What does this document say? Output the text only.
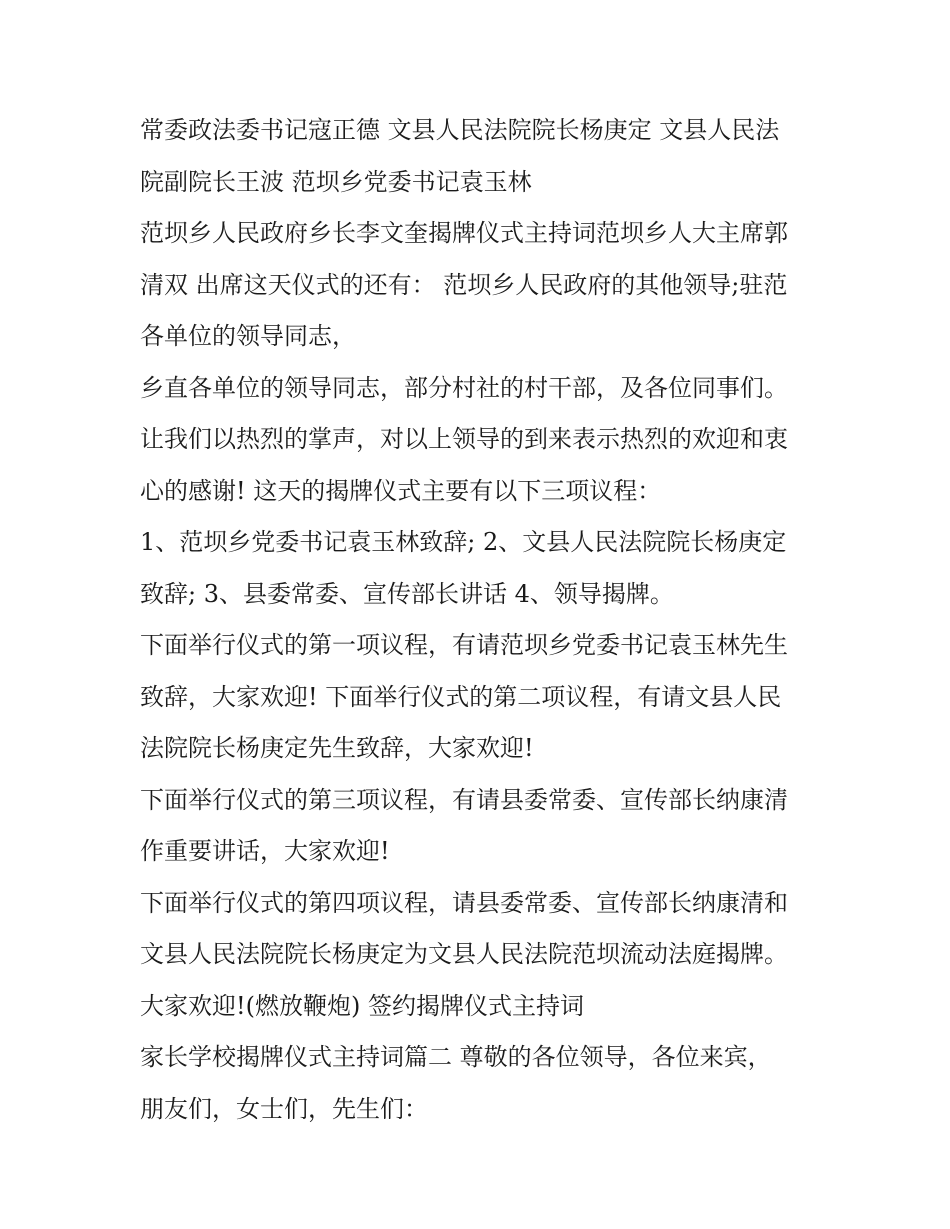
常委政法委书记寇正德 文县人民法院院长杨庚定 文县人民法
院副院长王波 范坝乡党委书记袁玉林
范坝乡人民政府乡长李文奎揭牌仪式主持词范坝乡人大主席郭
清双 出席这天仪式的还有： 范坝乡人民政府的其他领导;驻范
各单位的领导同志，
乡直各单位的领导同志，部分村社的村干部，及各位同事们。
让我们以热烈的掌声，对以上领导的到来表示热烈的欢迎和衷
心的感谢! 这天的揭牌仪式主要有以下三项议程：
1、范坝乡党委书记袁玉林致辞; 2、文县人民法院院长杨庚定
致辞; 3、县委常委、宣传部长讲话 4、领导揭牌。
下面举行仪式的第一项议程，有请范坝乡党委书记袁玉林先生
致辞，大家欢迎! 下面举行仪式的第二项议程，有请文县人民
法院院长杨庚定先生致辞，大家欢迎!
下面举行仪式的第三项议程，有请县委常委、宣传部长纳康清
作重要讲话，大家欢迎!
下面举行仪式的第四项议程，请县委常委、宣传部长纳康清和
文县人民法院院长杨庚定为文县人民法院范坝流动法庭揭牌。
大家欢迎!(燃放鞭炮) 签约揭牌仪式主持词
家长学校揭牌仪式主持词篇二 尊敬的各位领导，各位来宾，
朋友们，女士们，先生们：
